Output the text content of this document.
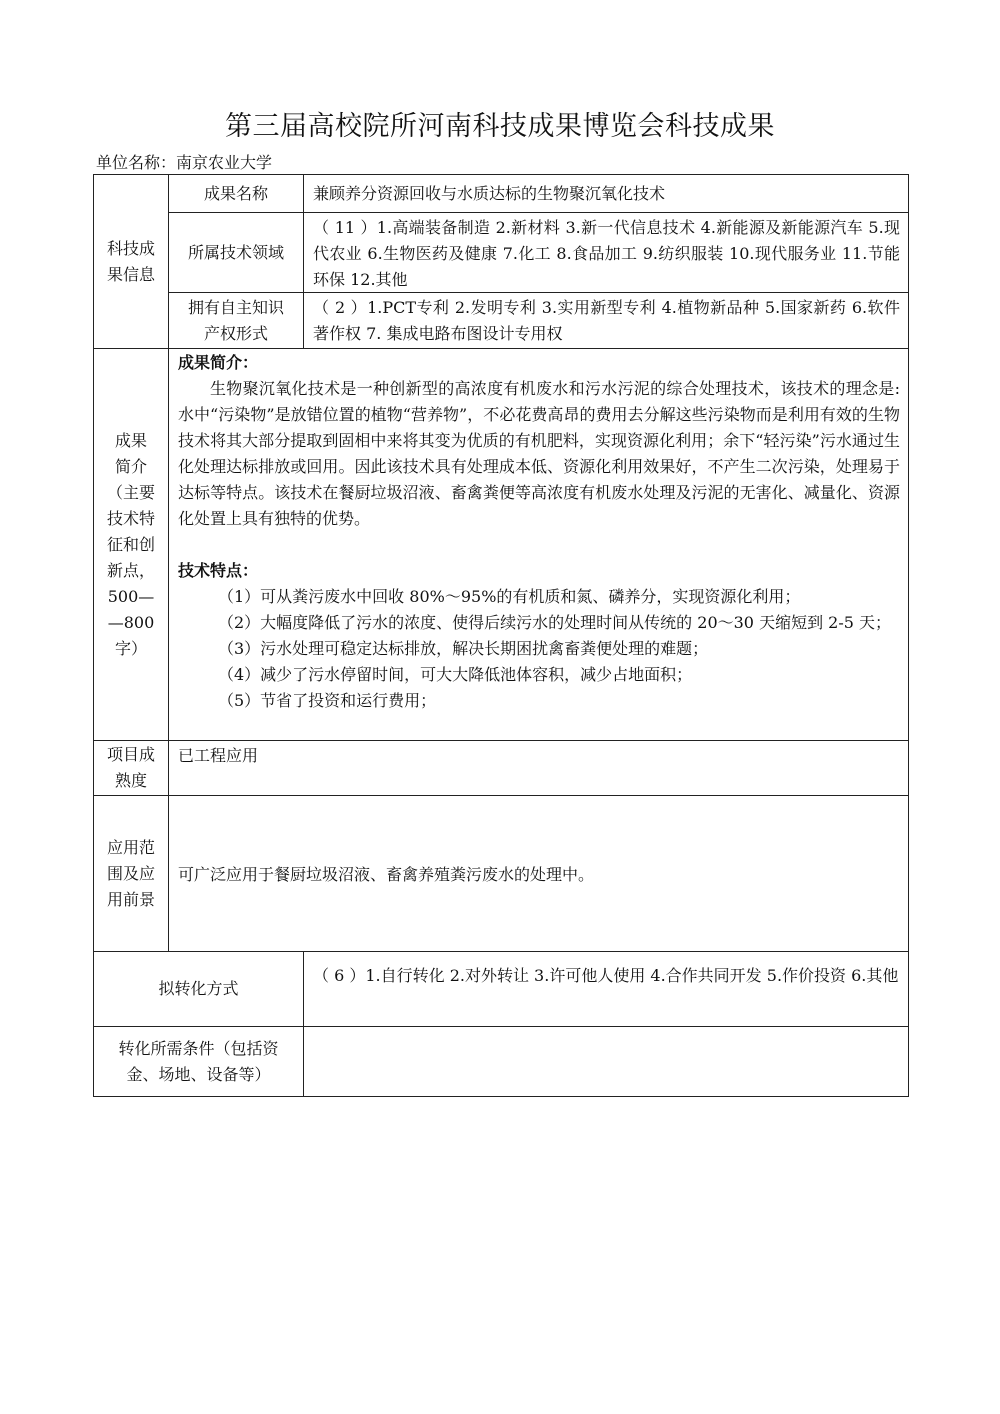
第三届高校院所河南科技成果博览会科技成果
单位名称：南京农业大学
科技成
果信息
成果名称	兼顾养分资源回收与水质达标的生物聚沉氧化技术
所属技术领域
（ 11 ）1.高端装备制造 2.新材料 3.新一代信息技术 4.新能源及新能源汽车 5.现代农业 6.生物医药及健康 7.化工 8.食品加工 9.纺织服装 10.现代服务业 11.节能环保 12.其他
拥有自主知识产权形式
（ 2 ）1.PCT专利 2.发明专利 3.实用新型专利 4.植物新品种 5.国家新药 6.软件著作权 7. 集成电路布图设计专用权
成果
简介
（主要
技术特
征和创
新点，
500—
—800
字）

成果简介：

生物聚沉氧化技术是一种创新型的高浓度有机废水和污水污泥的综合处理技术，该技术的理念是:水中“污染物”是放错位置的植物“营养物”，不必花费高昂的费用去分解这些污染物而是利用有效的生物技术将其大部分提取到固相中来将其变为优质的有机肥料，实现资源化利用；余下“轻污染”污水通过生化处理达标排放或回用。因此该技术具有处理成本低、资源化利用效果好，不产生二次污染，处理易于达标等特点。该技术在餐厨垃圾沼液、畜禽粪便等高浓度有机废水处理及污泥的无害化、减量化、资源化处置上具有独特的优势。

技术特点：

（1）可从粪污废水中回收 80%～95%的有机质和氮、磷养分，实现资源化利用；

（2）大幅度降低了污水的浓度、使得后续污水的处理时间从传统的 20～30 天缩短到 2-5 天；

（3）污水处理可稳定达标排放，解决长期困扰禽畜粪便处理的难题；

（4）减少了污水停留时间，可大大降低池体容积，减少占地面积；

（5）节省了投资和运行费用；

项目成
熟度
已工程应用
应用范
围及应
用前景
可广泛应用于餐厨垃圾沼液、畜禽养殖粪污废水的处理中。
拟转化方式
（ 6 ）1.自行转化 2.对外转让 3.许可他人使用 4.合作共同开发 5.作价投资 6.其他
转化所需条件（包括资金、场地、设备等）
